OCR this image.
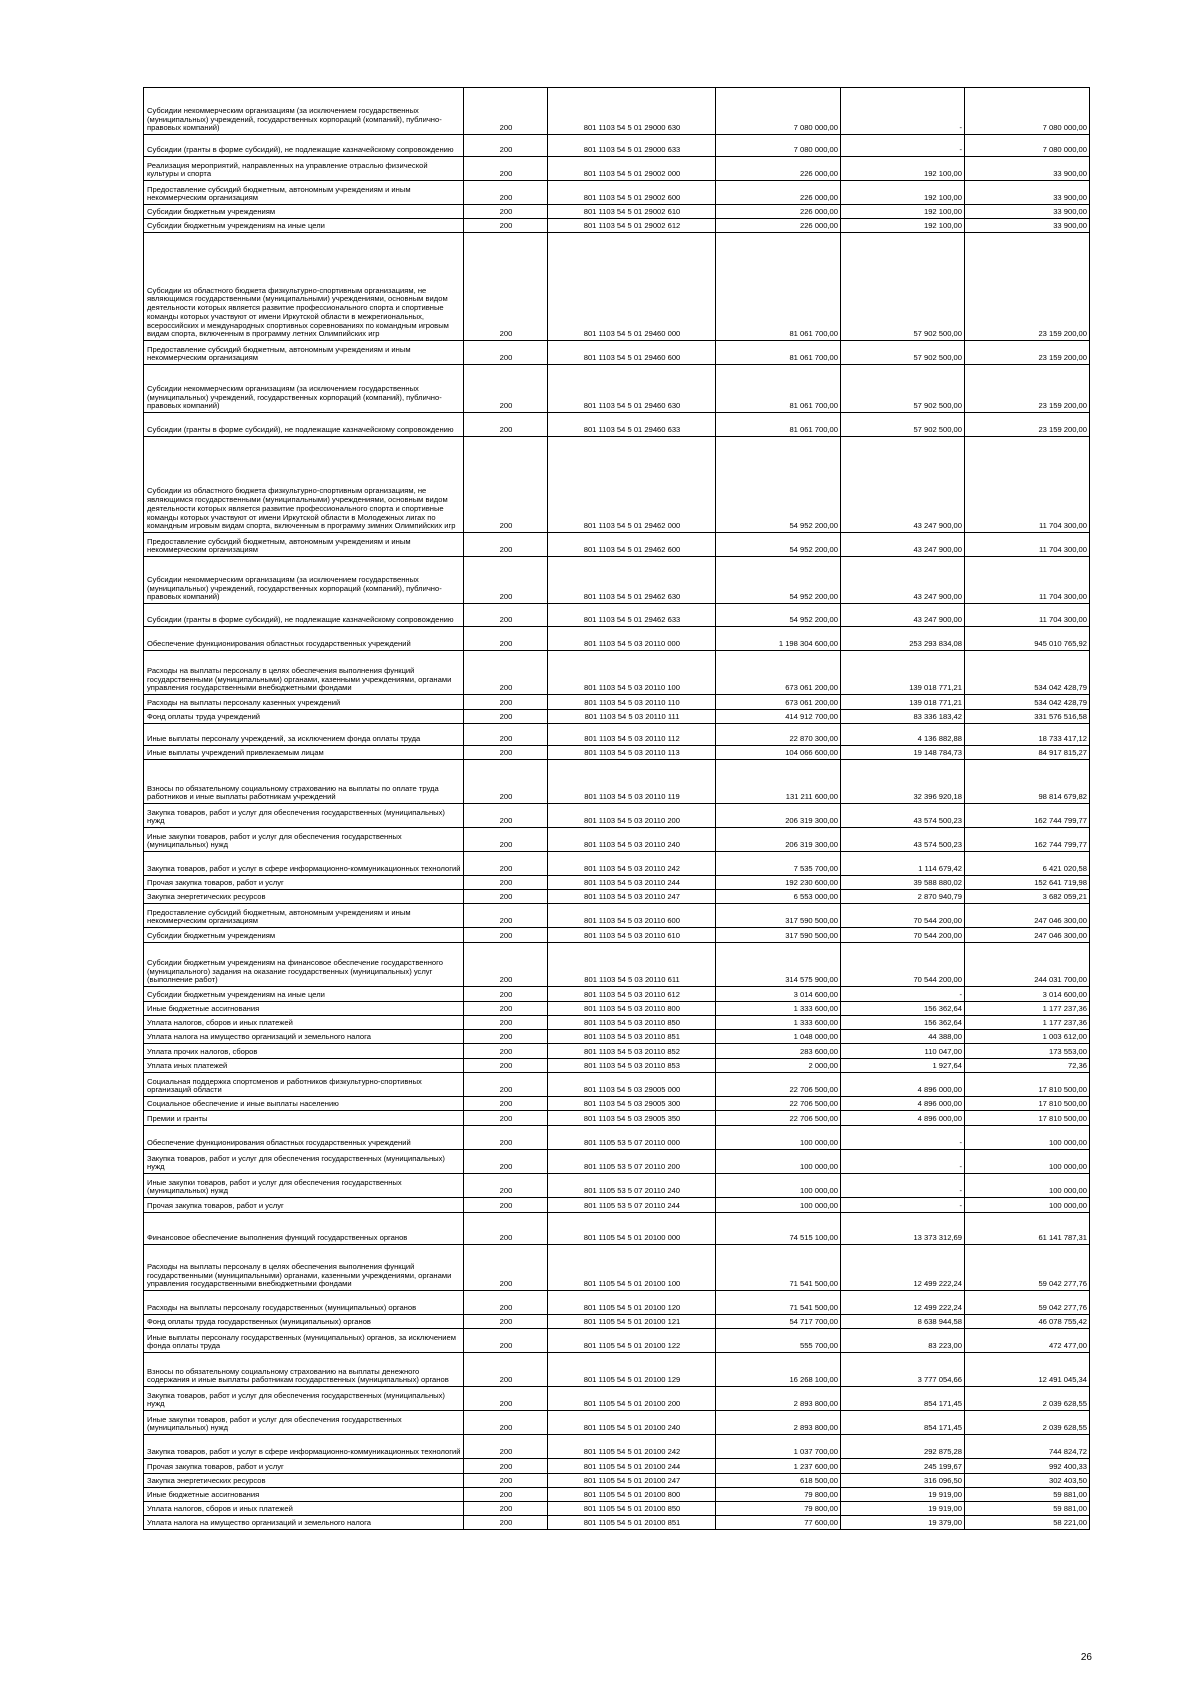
Субсидии некоммерческим организациям (за исключением государственных (муниципальных) учреждений, государственных корпораций (компаний), публично-правовых компаний)	200	801 1103 54 5 01 29000 630	7 080 000,00	-	7 080 000,00
Субсидии (гранты в форме субсидий), не подлежащие казначейскому сопровождению	200	801 1103 54 5 01 29000 633	7 080 000,00	-	7 080 000,00
Реализация мероприятий, направленных на управление отраслью физической культуры и спорта	200	801 1103 54 5 01 29002 000	226 000,00	192 100,00	33 900,00
Предоставление субсидий бюджетным, автономным учреждениям и иным некоммерческим организациям	200	801 1103 54 5 01 29002 600	226 000,00	192 100,00	33 900,00
Субсидии бюджетным учреждениям	200	801 1103 54 5 01 29002 610	226 000,00	192 100,00	33 900,00
Субсидии бюджетным учреждениям на иные цели	200	801 1103 54 5 01 29002 612	226 000,00	192 100,00	33 900,00
Субсидии из областного бюджета физкультурно-спортивным организациям, не являющимся государственными (муниципальными) учреждениями, основным видом деятельности которых является развитие профессионального спорта и спортивные команды которых участвуют от имени Иркутской области в межрегиональных, всероссийских и международных спортивных соревнованиях по командным игровым видам спорта, включенным в программу летних Олимпийских игр	200	801 1103 54 5 01 29460 000	81 061 700,00	57 902 500,00	23 159 200,00
Предоставление субсидий бюджетным, автономным учреждениям и иным некоммерческим организациям	200	801 1103 54 5 01 29460 600	81 061 700,00	57 902 500,00	23 159 200,00
Субсидии некоммерческим организациям (за исключением государственных (муниципальных) учреждений, государственных корпораций (компаний), публично-правовых компаний)	200	801 1103 54 5 01 29460 630	81 061 700,00	57 902 500,00	23 159 200,00
Субсидии (гранты в форме субсидий), не подлежащие казначейскому сопровождению	200	801 1103 54 5 01 29460 633	81 061 700,00	57 902 500,00	23 159 200,00
Субсидии из областного бюджета физкультурно-спортивным организациям, не являющимся государственными (муниципальными) учреждениями, основным видом деятельности которых является развитие профессионального спорта и спортивные команды которых участвуют от имени Иркутской области в Молодежных лигах по командным игровым видам спорта, включенным в программу зимних Олимпийских игр	200	801 1103 54 5 01 29462 000	54 952 200,00	43 247 900,00	11 704 300,00
Предоставление субсидий бюджетным, автономным учреждениям и иным некоммерческим организациям	200	801 1103 54 5 01 29462 600	54 952 200,00	43 247 900,00	11 704 300,00
Субсидии некоммерческим организациям (за исключением государственных (муниципальных) учреждений, государственных корпораций (компаний), публично-правовых компаний)	200	801 1103 54 5 01 29462 630	54 952 200,00	43 247 900,00	11 704 300,00
Субсидии (гранты в форме субсидий), не подлежащие казначейскому сопровождению	200	801 1103 54 5 01 29462 633	54 952 200,00	43 247 900,00	11 704 300,00
Обеспечение функционирования областных государственных учреждений	200	801 1103 54 5 03 20110 000	1 198 304 600,00	253 293 834,08	945 010 765,92
Расходы на выплаты персоналу в целях обеспечения выполнения функций государственными (муниципальными) органами, казенными учреждениями, органами управления государственными внебюджетными фондами	200	801 1103 54 5 03 20110 100	673 061 200,00	139 018 771,21	534 042 428,79
Расходы на выплаты персоналу казенных учреждений	200	801 1103 54 5 03 20110 110	673 061 200,00	139 018 771,21	534 042 428,79
Фонд оплаты труда учреждений	200	801 1103 54 5 03 20110 111	414 912 700,00	83 336 183,42	331 576 516,58
Иные выплаты персоналу учреждений, за исключением фонда оплаты труда	200	801 1103 54 5 03 20110 112	22 870 300,00	4 136 882,88	18 733 417,12
Иные выплаты учреждений привлекаемым лицам	200	801 1103 54 5 03 20110 113	104 066 600,00	19 148 784,73	84 917 815,27
Взносы по обязательному социальному страхованию на выплаты по оплате труда работников и иные выплаты работникам учреждений	200	801 1103 54 5 03 20110 119	131 211 600,00	32 396 920,18	98 814 679,82
Закупка товаров, работ и услуг для обеспечения государственных (муниципальных) нужд	200	801 1103 54 5 03 20110 200	206 319 300,00	43 574 500,23	162 744 799,77
Иные закупки товаров, работ и услуг для обеспечения государственных (муниципальных) нужд	200	801 1103 54 5 03 20110 240	206 319 300,00	43 574 500,23	162 744 799,77
Закупка товаров, работ и услуг в сфере информационно-коммуникационных технологий	200	801 1103 54 5 03 20110 242	7 535 700,00	1 114 679,42	6 421 020,58
Прочая закупка товаров, работ и услуг	200	801 1103 54 5 03 20110 244	192 230 600,00	39 588 880,02	152 641 719,98
Закупка энергетических ресурсов	200	801 1103 54 5 03 20110 247	6 553 000,00	2 870 940,79	3 682 059,21
Предоставление субсидий бюджетным, автономным учреждениям и иным некоммерческим организациям	200	801 1103 54 5 03 20110 600	317 590 500,00	70 544 200,00	247 046 300,00
Субсидии бюджетным учреждениям	200	801 1103 54 5 03 20110 610	317 590 500,00	70 544 200,00	247 046 300,00
Субсидии бюджетным учреждениям на финансовое обеспечение государственного (муниципального) задания на оказание государственных (муниципальных) услуг (выполнение работ)	200	801 1103 54 5 03 20110 611	314 575 900,00	70 544 200,00	244 031 700,00
Субсидии бюджетным учреждениям на иные цели	200	801 1103 54 5 03 20110 612	3 014 600,00	-	3 014 600,00
Иные бюджетные ассигнования	200	801 1103 54 5 03 20110 800	1 333 600,00	156 362,64	1 177 237,36
Уплата налогов, сборов и иных платежей	200	801 1103 54 5 03 20110 850	1 333 600,00	156 362,64	1 177 237,36
Уплата налога на имущество организаций и земельного налога	200	801 1103 54 5 03 20110 851	1 048 000,00	44 388,00	1 003 612,00
Уплата прочих налогов, сборов	200	801 1103 54 5 03 20110 852	283 600,00	110 047,00	173 553,00
Уплата иных платежей	200	801 1103 54 5 03 20110 853	2 000,00	1 927,64	72,36
Социальная поддержка спортсменов и работников физкультурно-спортивных организаций области	200	801 1103 54 5 03 29005 000	22 706 500,00	4 896 000,00	17 810 500,00
Социальное обеспечение и иные выплаты населению	200	801 1103 54 5 03 29005 300	22 706 500,00	4 896 000,00	17 810 500,00
Премии и гранты	200	801 1103 54 5 03 29005 350	22 706 500,00	4 896 000,00	17 810 500,00
Обеспечение функционирования областных государственных учреждений	200	801 1105 53 5 07 20110 000	100 000,00	-	100 000,00
Закупка товаров, работ и услуг для обеспечения государственных (муниципальных) нужд	200	801 1105 53 5 07 20110 200	100 000,00	-	100 000,00
Иные закупки товаров, работ и услуг для обеспечения государственных (муниципальных) нужд	200	801 1105 53 5 07 20110 240	100 000,00	-	100 000,00
Прочая закупка товаров, работ и услуг	200	801 1105 53 5 07 20110 244	100 000,00	-	100 000,00
Финансовое обеспечение выполнения функций государственных органов	200	801 1105 54 5 01 20100 000	74 515 100,00	13 373 312,69	61 141 787,31
Расходы на выплаты персоналу в целях обеспечения выполнения функций государственными (муниципальными) органами, казенными учреждениями, органами управления государственными внебюджетными фондами	200	801 1105 54 5 01 20100 100	71 541 500,00	12 499 222,24	59 042 277,76
Расходы на выплаты персоналу государственных (муниципальных) органов	200	801 1105 54 5 01 20100 120	71 541 500,00	12 499 222,24	59 042 277,76
Фонд оплаты труда государственных (муниципальных) органов	200	801 1105 54 5 01 20100 121	54 717 700,00	8 638 944,58	46 078 755,42
Иные выплаты персоналу государственных (муниципальных) органов, за исключением фонда оплаты труда	200	801 1105 54 5 01 20100 122	555 700,00	83 223,00	472 477,00
Взносы по обязательному социальному страхованию на выплаты денежного содержания и иные выплаты работникам государственных (муниципальных) органов	200	801 1105 54 5 01 20100 129	16 268 100,00	3 777 054,66	12 491 045,34
Закупка товаров, работ и услуг для обеспечения государственных (муниципальных) нужд	200	801 1105 54 5 01 20100 200	2 893 800,00	854 171,45	2 039 628,55
Иные закупки товаров, работ и услуг для обеспечения государственных (муниципальных) нужд	200	801 1105 54 5 01 20100 240	2 893 800,00	854 171,45	2 039 628,55
Закупка товаров, работ и услуг в сфере информационно-коммуникационных технологий	200	801 1105 54 5 01 20100 242	1 037 700,00	292 875,28	744 824,72
Прочая закупка товаров, работ и услуг	200	801 1105 54 5 01 20100 244	1 237 600,00	245 199,67	992 400,33
Закупка энергетических ресурсов	200	801 1105 54 5 01 20100 247	618 500,00	316 096,50	302 403,50
Иные бюджетные ассигнования	200	801 1105 54 5 01 20100 800	79 800,00	19 919,00	59 881,00
Уплата налогов, сборов и иных платежей	200	801 1105 54 5 01 20100 850	79 800,00	19 919,00	59 881,00
Уплата налога на имущество организаций и земельного налога	200	801 1105 54 5 01 20100 851	77 600,00	19 379,00	58 221,00
26
